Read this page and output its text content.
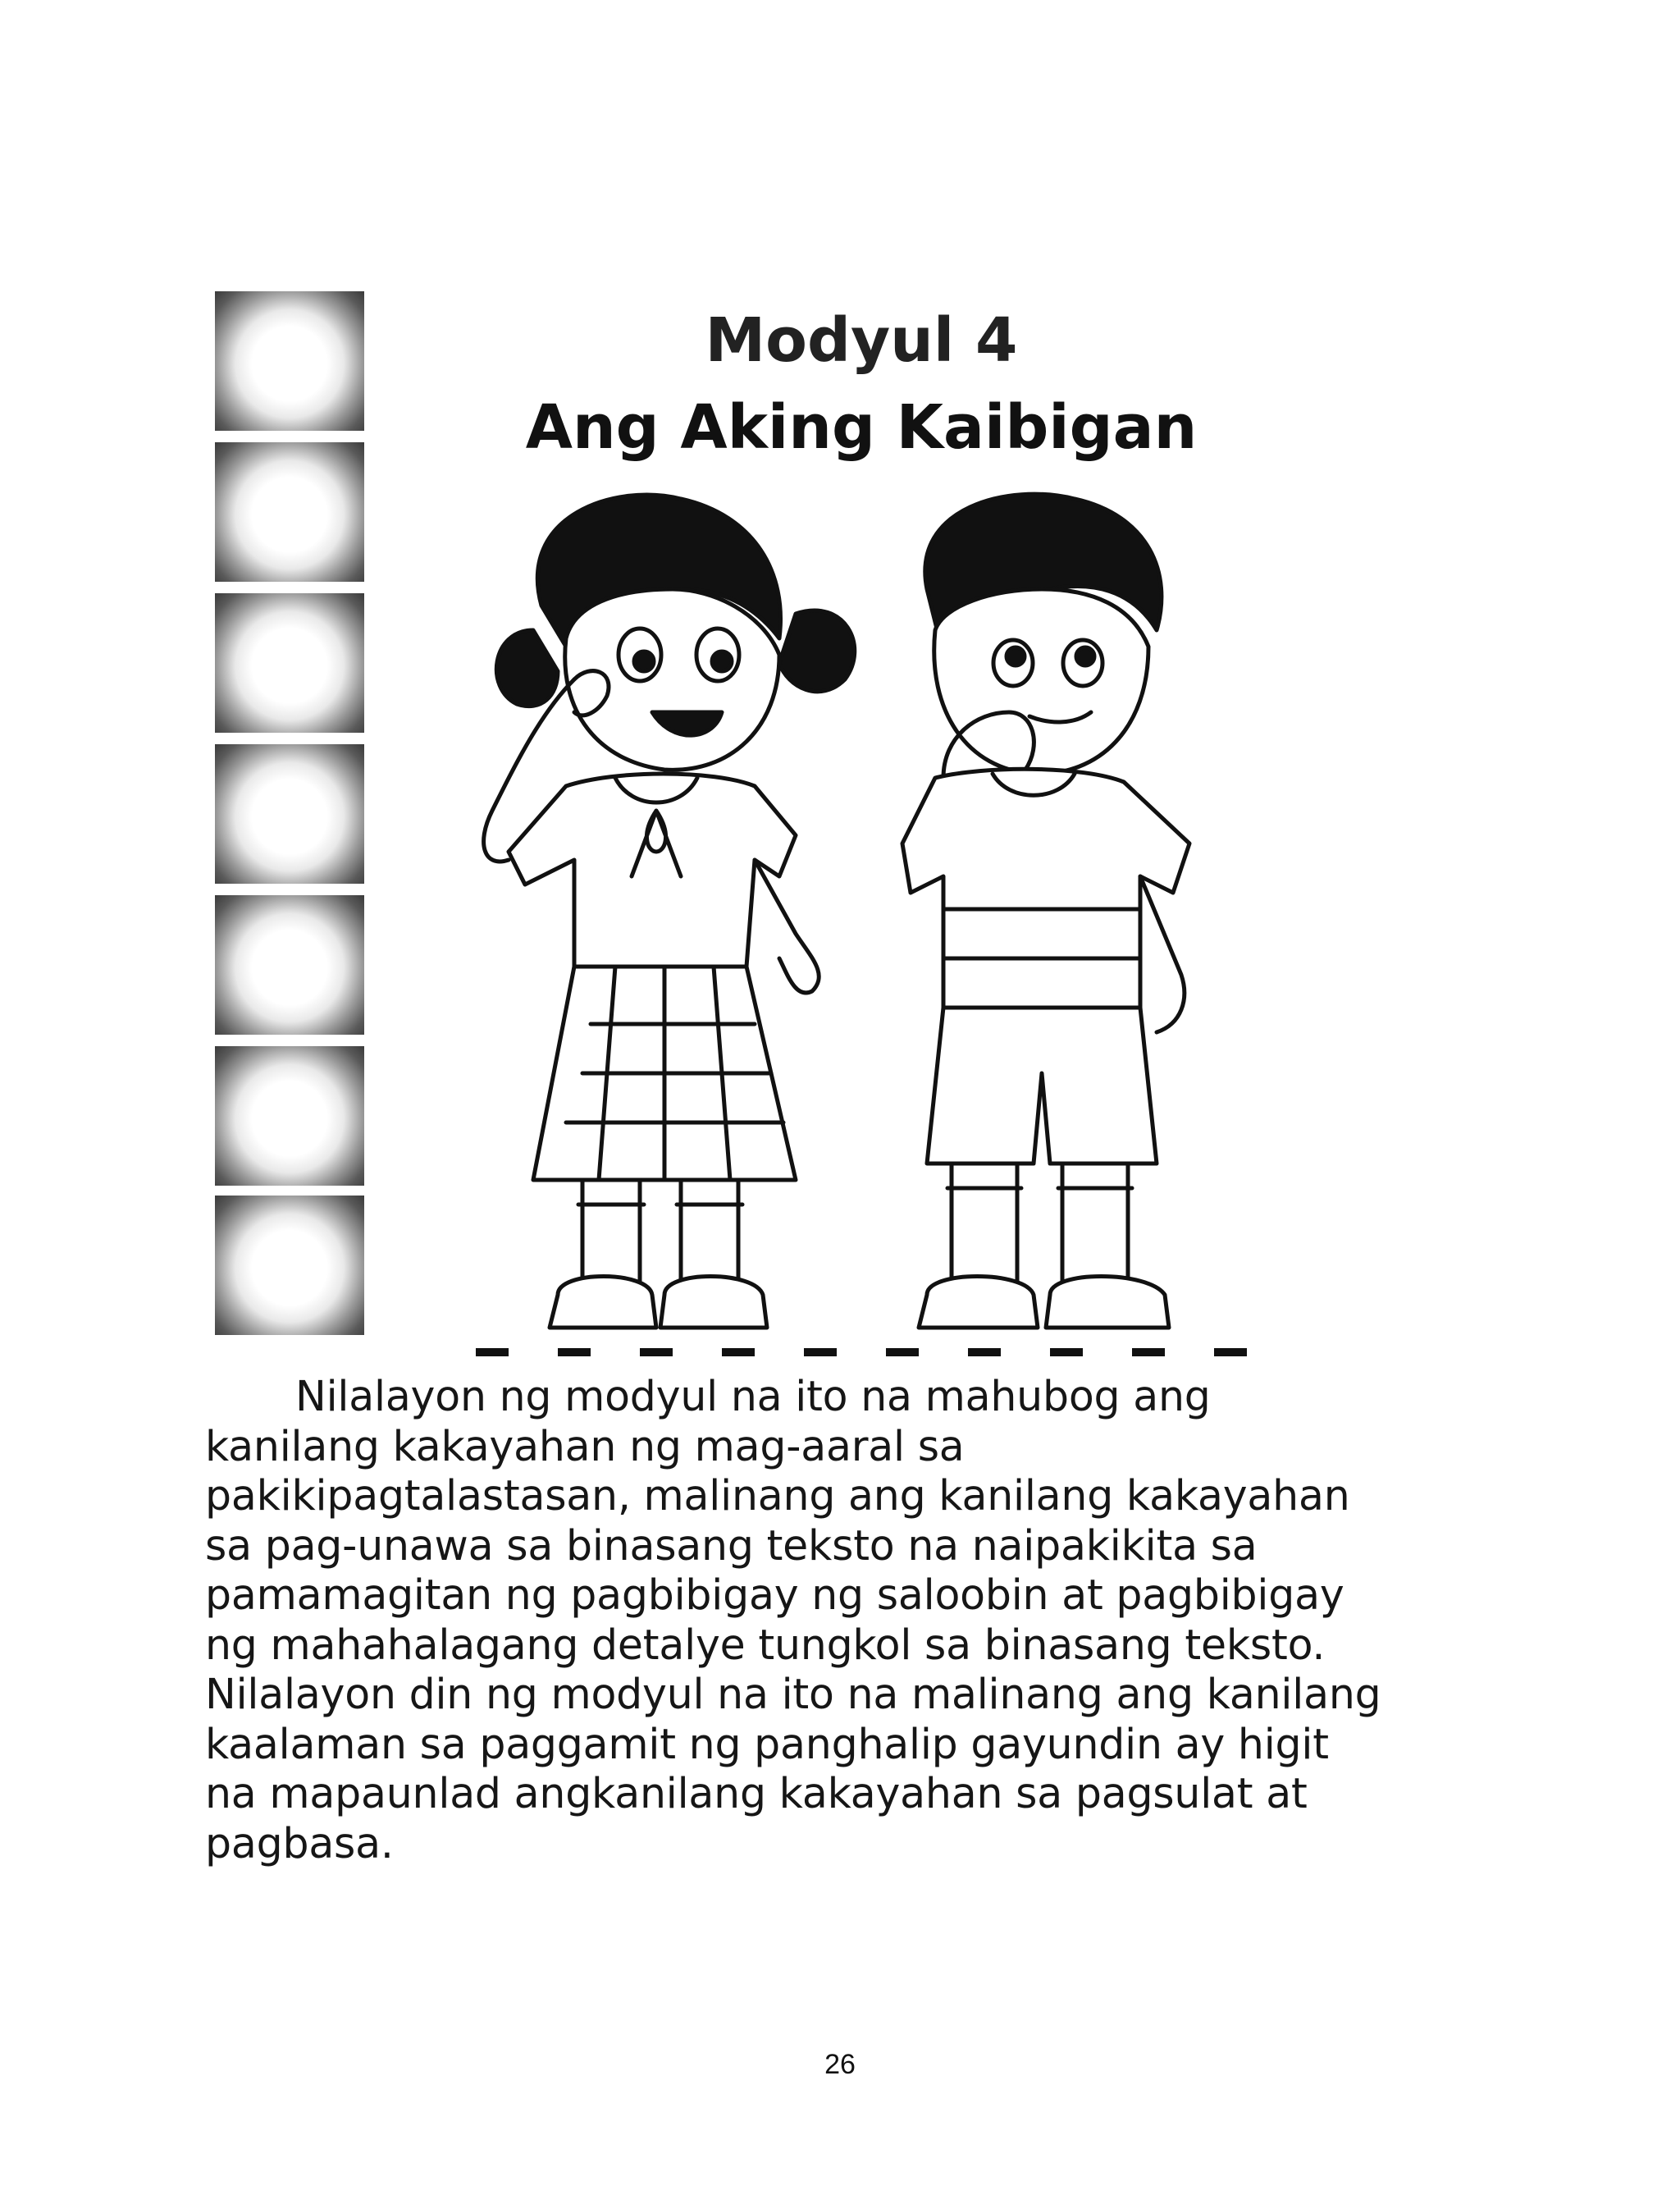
Modyul 4
Ang Aking Kaibigan

Nilalayon ng modyul na ito na mahubog ang kanilang kakayahan ng mag-aaral sa pakikipagtalastasan, malinang ang kanilang kakayahan sa pag-unawa sa binasang teksto na naipakikita sa pamamagitan ng pagbibigay ng saloobin at pagbibigay ng mahahalagang detalye tungkol sa binasang teksto. Nilalayon din ng modyul na ito na malinang ang kanilang kaalaman sa paggamit ng panghalip gayundin ay higit na mapaunlad angkanilang kakayahan sa pagsulat at pagbasa.

26
